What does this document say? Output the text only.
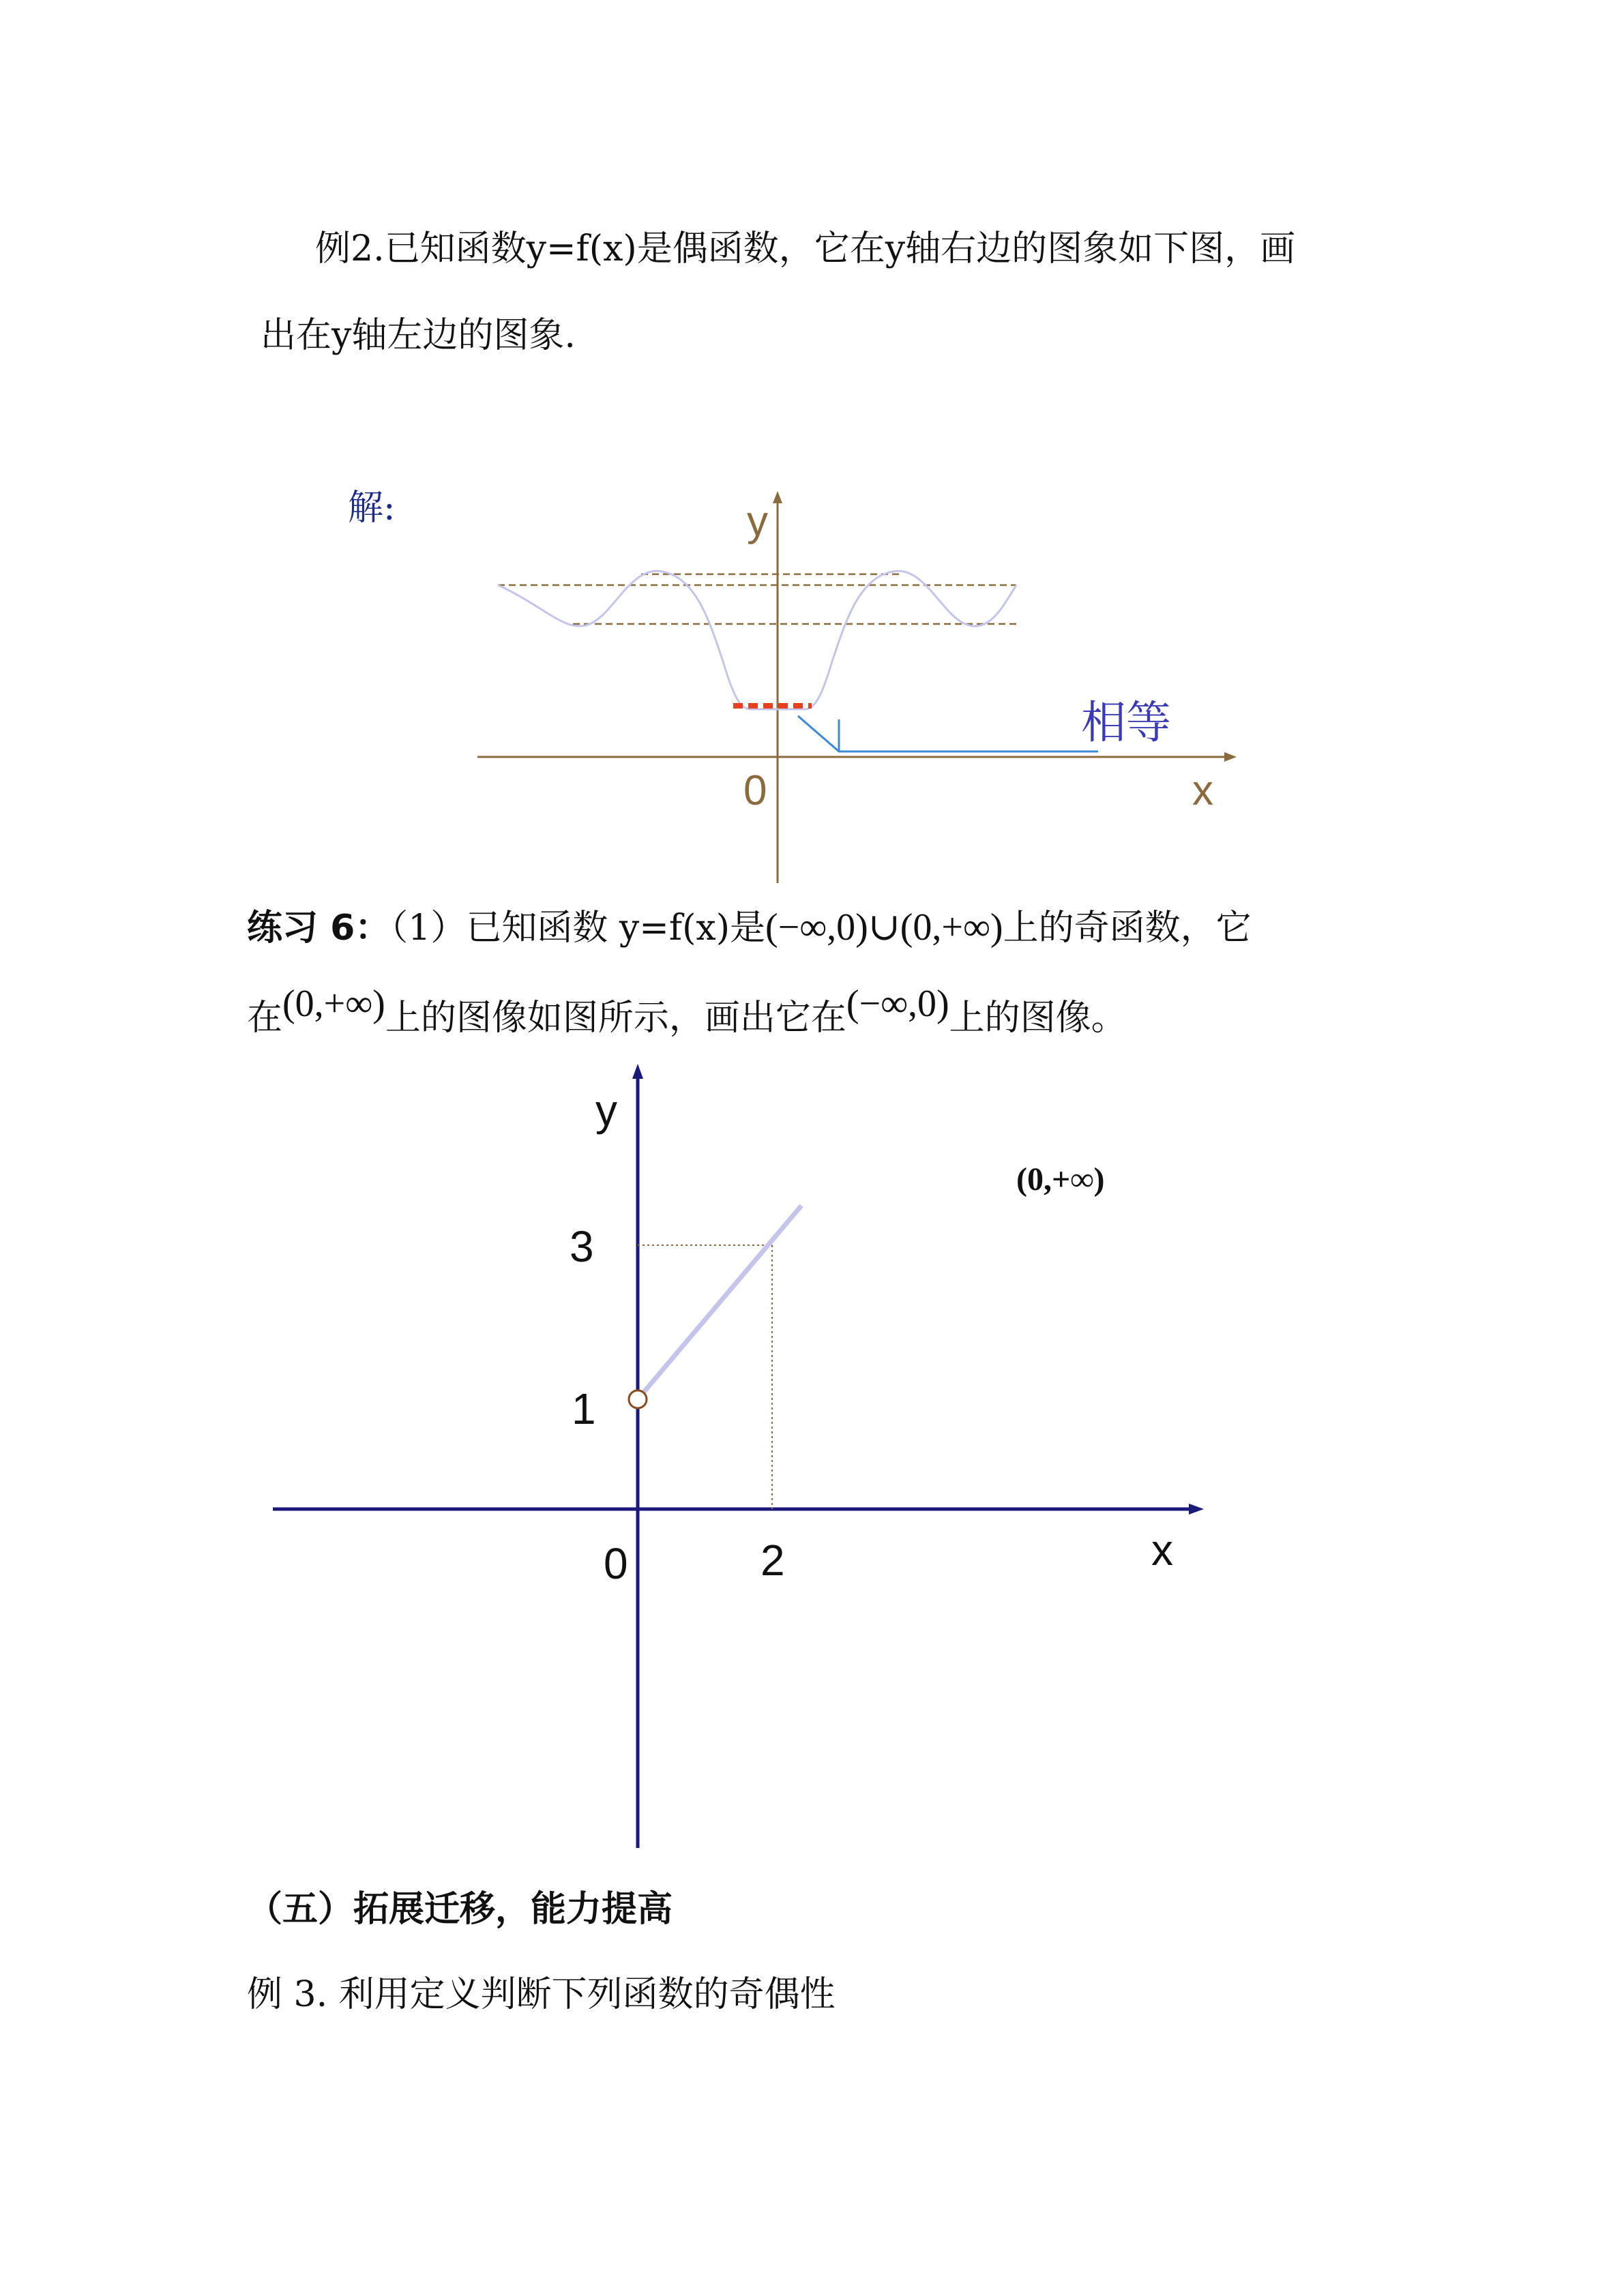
例2.已知函数y=f(x)是偶函数，它在y轴右边的图象如下图，画
出在y轴左边的图象.
解:	y
x
0
相等
练习 6：（1）已知函数 y=f(x)是(−∞,0)∪(0,+∞)上的奇函数，它
在(0,+∞)上的图像如图所示，画出它在(−∞,0)上的图像。
y
x
0	2
3
1
(0,+∞)
（五）拓展迁移，能力提高
例 3. 利用定义判断下列函数的奇偶性
